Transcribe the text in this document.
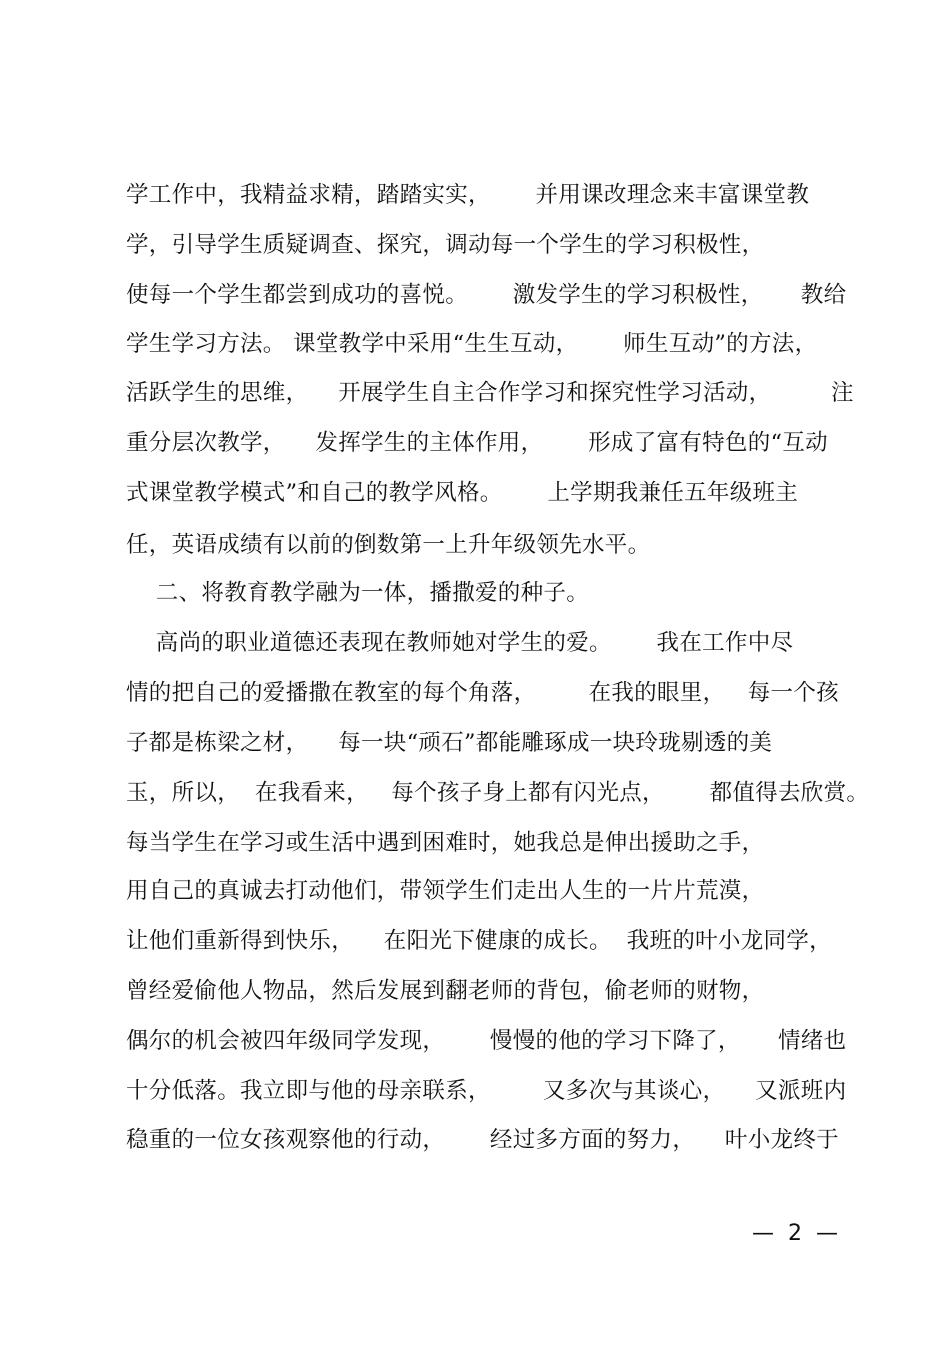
学工作中，我精益求精，踏踏实实，      并用课改理念来丰富课堂教
学，引导学生质疑调查、探究，调动每一个学生的学习积极性，
使每一个学生都尝到成功的喜悦。      激发学生的学习积极性，     教给
学生学习方法。 课堂教学中采用“生生互动，      师生互动”的方法，
活跃学生的思维，    开展学生自主合作学习和探究性学习活动，        注
重分层次教学，    发挥学生的主体作用，      形成了富有特色的“互动
式课堂教学模式”和自己的教学风格。      上学期我兼任五年级班主
任，英语成绩有以前的倒数第一上升年级领先水平。
二、将教育教学融为一体，播撒爱的种子。
高尚的职业道德还表现在教师她对学生的爱。      我在工作中尽
情的把自己的爱播撒在教室的每个角落，       在我的眼里，   每一个孩
子都是栋梁之材，    每一块“顽石”都能雕琢成一块玲珑剔透的美
玉，所以，  在我看来，   每个孩子身上都有闪光点，      都值得去欣赏。
每当学生在学习或生活中遇到困难时，她我总是伸出援助之手，
用自己的真诚去打动他们，带领学生们走出人生的一片片荒漠，
让他们重新得到快乐，    在阳光下健康的成长。  我班的叶小龙同学，
曾经爱偷他人物品，然后发展到翻老师的背包，偷老师的财物，
偶尔的机会被四年级同学发现，      慢慢的他的学习下降了，     情绪也
十分低落。我立即与他的母亲联系，       又多次与其谈心，    又派班内
稳重的一位女孩观察他的行动，      经过多方面的努力，    叶小龙终于
—  2  —
